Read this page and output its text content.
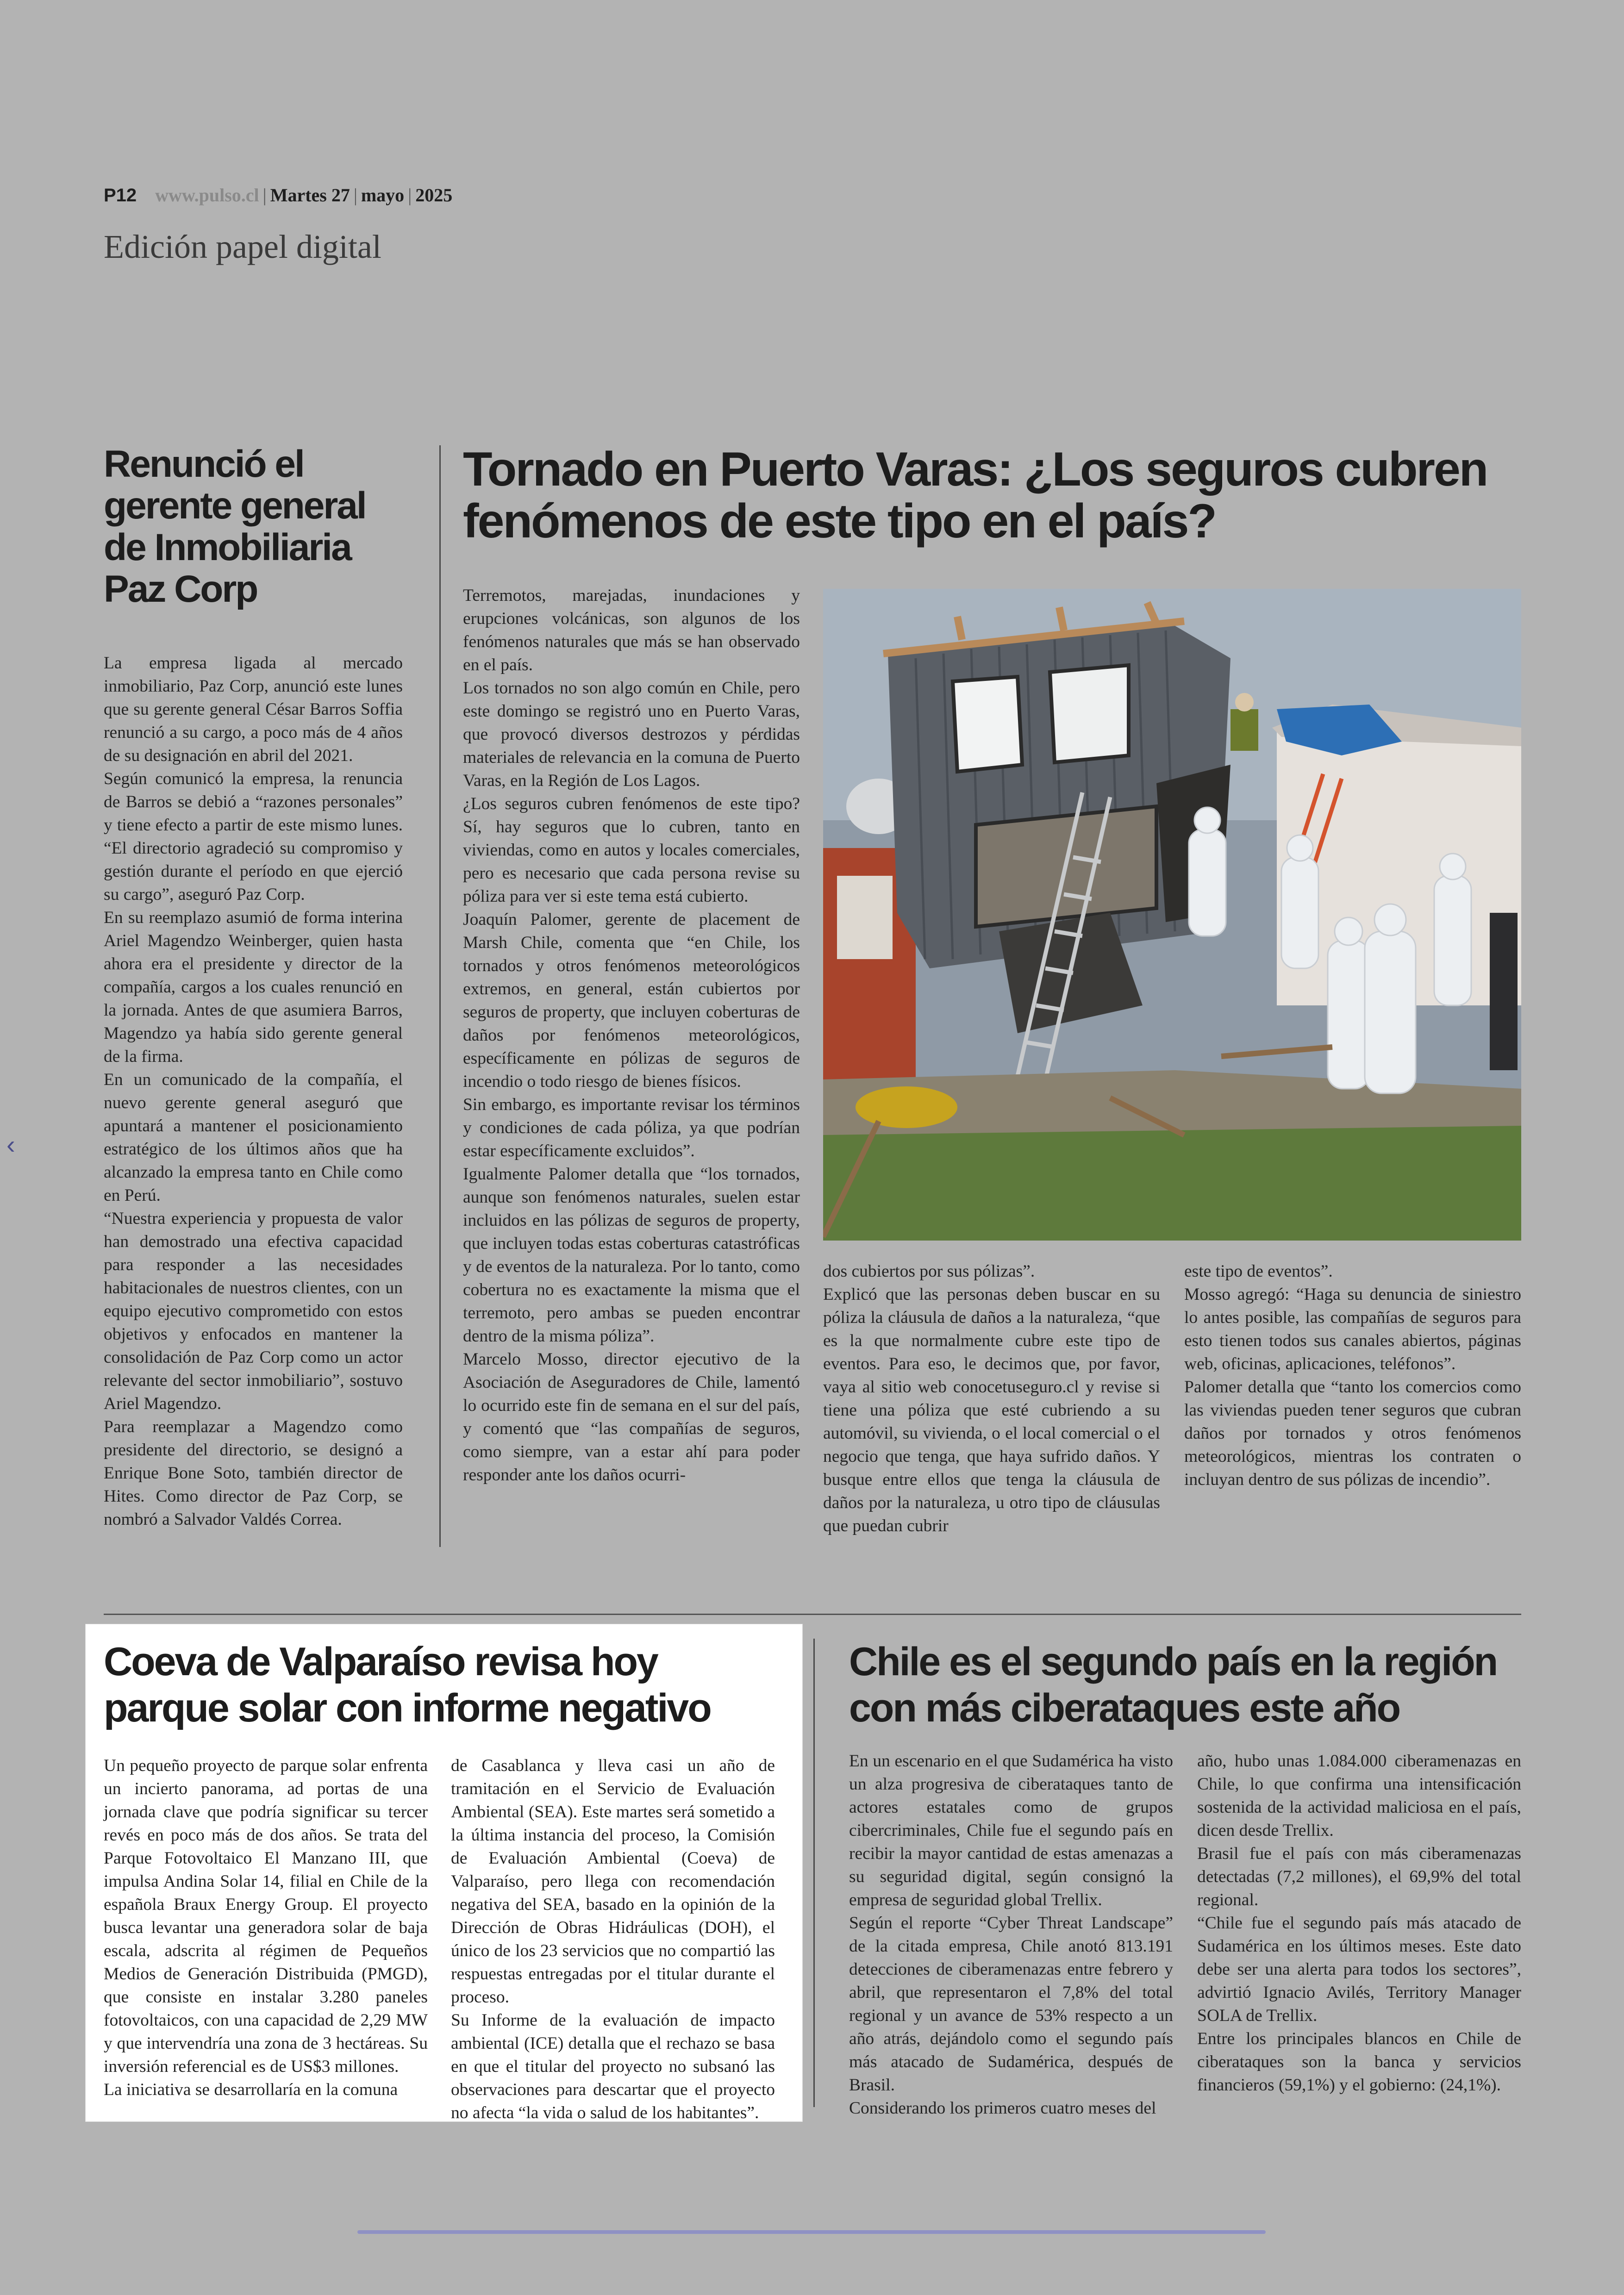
P12 www.pulso.cl | Martes 27 | mayo | 2025
Edición papel digital
Renunció el gerente general de Inmobiliaria Paz Corp

La empresa ligada al mercado inmobiliario, Paz Corp, anunció este lunes que su gerente general César Barros Soffia renunció a su cargo, a poco más de 4 años de su designación en abril del 2021.

Según comunicó la empresa, la renuncia de Barros se debió a “razones personales” y tiene efecto a partir de este mismo lunes. “El directorio agradeció su compromiso y gestión durante el período en que ejerció su cargo”, aseguró Paz Corp.

En su reemplazo asumió de forma interina Ariel Magendzo Weinberger, quien hasta ahora era el presidente y director de la compañía, cargos a los cuales renunció en la jornada. Antes de que asumiera Barros, Magendzo ya había sido gerente general de la firma.

En un comunicado de la compañía, el nuevo gerente general aseguró que apuntará a mantener el posicionamiento estratégico de los últimos años que ha alcanzado la empresa tanto en Chile como en Perú.

“Nuestra experiencia y propuesta de valor han demostrado una efectiva capacidad para responder a las necesidades habitacionales de nuestros clientes, con un equipo ejecutivo comprometido con estos objetivos y enfocados en mantener la consolidación de Paz Corp como un actor relevante del sector inmobiliario”, sostuvo Ariel Magendzo.

Para reemplazar a Magendzo como presidente del directorio, se designó a Enrique Bone Soto, también director de Hites. Como director de Paz Corp, se nombró a Salvador Valdés Correa.

Tornado en Puerto Varas: ¿Los seguros cubren fenómenos de este tipo en el país?

Terremotos, marejadas, inundaciones y erupciones volcánicas, son algunos de los fenómenos naturales que más se han observado en el país.

Los tornados no son algo común en Chile, pero este domingo se registró uno en Puerto Varas, que provocó diversos destrozos y pérdidas materiales de relevancia en la comuna de Puerto Varas, en la Región de Los Lagos.

¿Los seguros cubren fenómenos de este tipo? Sí, hay seguros que lo cubren, tanto en viviendas, como en autos y locales comerciales, pero es necesario que cada persona revise su póliza para ver si este tema está cubierto.

Joaquín Palomer, gerente de placement de Marsh Chile, comenta que “en Chile, los tornados y otros fenómenos meteorológicos extremos, en general, están cubiertos por seguros de property, que incluyen coberturas de daños por fenómenos meteorológicos, específicamente en pólizas de seguros de incendio o todo riesgo de bienes físicos.

Sin embargo, es importante revisar los términos y condiciones de cada póliza, ya que podrían estar específicamente excluidos”.

Igualmente Palomer detalla que “los tornados, aunque son fenómenos naturales, suelen estar incluidos en las pólizas de seguros de property, que incluyen todas estas coberturas catastróficas y de eventos de la naturaleza. Por lo tanto, como cobertura no es exactamente la misma que el terremoto, pero ambas se pueden encontrar dentro de la misma póliza”.

Marcelo Mosso, director ejecutivo de la Asociación de Aseguradores de Chile, lamentó lo ocurrido este fin de semana en el sur del país, y comentó que “las compañías de seguros, como siempre, van a estar ahí para poder responder ante los daños ocurri-

dos cubiertos por sus pólizas”.

Explicó que las personas deben buscar en su póliza la cláusula de daños a la naturaleza, “que es la que normalmente cubre este tipo de eventos. Para eso, le decimos que, por favor, vaya al sitio web conocetuseguro.cl y revise si tiene una póliza que esté cubriendo a su automóvil, su vivienda, o el local comercial o el negocio que tenga, que haya sufrido daños. Y busque entre ellos que tenga la cláusula de daños por la naturaleza, u otro tipo de cláusulas que puedan cubrir

este tipo de eventos”.

Mosso agregó: “Haga su denuncia de siniestro lo antes posible, las compañías de seguros para esto tienen todos sus canales abiertos, páginas web, oficinas, aplicaciones, teléfonos”.

Palomer detalla que “tanto los comercios como las viviendas pueden tener seguros que cubran daños por tornados y otros fenómenos meteorológicos, mientras los contraten o incluyan dentro de sus pólizas de incendio”.

Coeva de Valparaíso revisa hoy parque solar con informe negativo

Un pequeño proyecto de parque solar enfrenta un incierto panorama, ad portas de una jornada clave que podría significar su tercer revés en poco más de dos años. Se trata del Parque Fotovoltaico El Manzano III, que impulsa Andina Solar 14, filial en Chile de la española Braux Energy Group. El proyecto busca levantar una generadora solar de baja escala, adscrita al régimen de Pequeños Medios de Generación Distribuida (PMGD), que consiste en instalar 3.280 paneles fotovoltaicos, con una capacidad de 2,29 MW y que intervendría una zona de 3 hectáreas. Su inversión referencial es de US$3 millones.

La iniciativa se desarrollaría en la comuna

de Casablanca y lleva casi un año de tramitación en el Servicio de Evaluación Ambiental (SEA). Este martes será sometido a la última instancia del proceso, la Comisión de Evaluación Ambiental (Coeva) de Valparaíso, pero llega con recomendación negativa del SEA, basado en la opinión de la Dirección de Obras Hidráulicas (DOH), el único de los 23 servicios que no compartió las respuestas entregadas por el titular durante el proceso.

Su Informe de la evaluación de impacto ambiental (ICE) detalla que el rechazo se basa en que el titular del proyecto no subsanó las observaciones para descartar que el proyecto no afecta “la vida o salud de los habitantes”.

Chile es el segundo país en la región con más ciberataques este año

En un escenario en el que Sudamérica ha visto un alza progresiva de ciberataques tanto de actores estatales como de grupos cibercriminales, Chile fue el segundo país en recibir la mayor cantidad de estas amenazas a su seguridad digital, según consignó la empresa de seguridad global Trellix.

Según el reporte “Cyber Threat Landscape” de la citada empresa, Chile anotó 813.191 detecciones de ciberamenazas entre febrero y abril, que representaron el 7,8% del total regional y un avance de 53% respecto a un año atrás, dejándolo como el segundo país más atacado de Sudamérica, después de Brasil.

Considerando los primeros cuatro meses del

año, hubo unas 1.084.000 ciberamenazas en Chile, lo que confirma una intensificación sostenida de la actividad maliciosa en el país, dicen desde Trellix.

Brasil fue el país con más ciberamenazas detectadas (7,2 millones), el 69,9% del total regional.

“Chile fue el segundo país más atacado de Sudamérica en los últimos meses. Este dato debe ser una alerta para todos los sectores”, advirtió Ignacio Avilés, Territory Manager SOLA de Trellix.

Entre los principales blancos en Chile de ciberataques son la banca y servicios financieros (59,1%) y el gobierno: (24,1%).

‹
